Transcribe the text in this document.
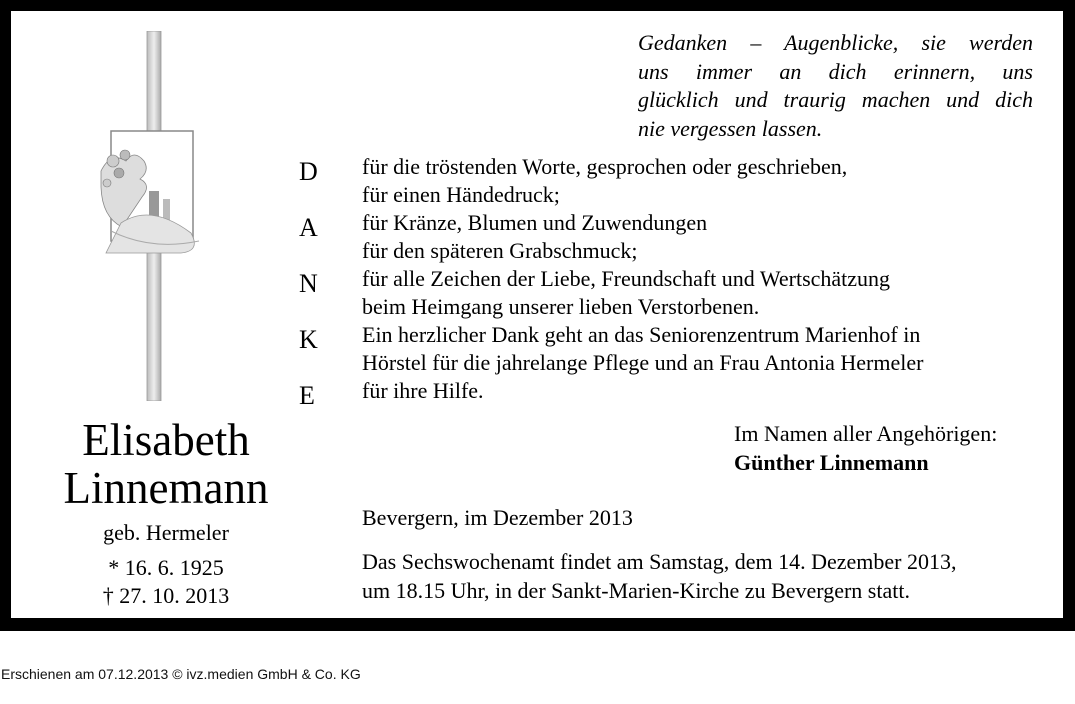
Gedanken – Augenblicke, sie werden
uns immer an dich erinnern, uns
glücklich und traurig machen und dich
nie vergessen lassen.
D
A
N
K
E
für die tröstenden Worte, gesprochen oder geschrieben,
für einen Händedruck;
für Kränze, Blumen und Zuwendungen
für den späteren Grabschmuck;
für alle Zeichen der Liebe, Freundschaft und Wertschätzung
beim Heimgang unserer lieben Verstorbenen.
Ein herzlicher Dank geht an das Seniorenzentrum Marienhof in
Hörstel für die jahrelange Pflege und an Frau Antonia Hermeler
für ihre Hilfe.
Elisabeth
Linnemann
geb. Hermeler
* 16. 6. 1925
† 27. 10. 2013
Im Namen aller Angehörigen:
Günther Linnemann
Bevergern, im Dezember 2013
Das Sechswochenamt findet am Samstag, dem 14. Dezember 2013,
um 18.15 Uhr, in der Sankt-Marien-Kirche zu Bevergern statt.
Erschienen am 07.12.2013 © ivz.medien GmbH & Co. KG
